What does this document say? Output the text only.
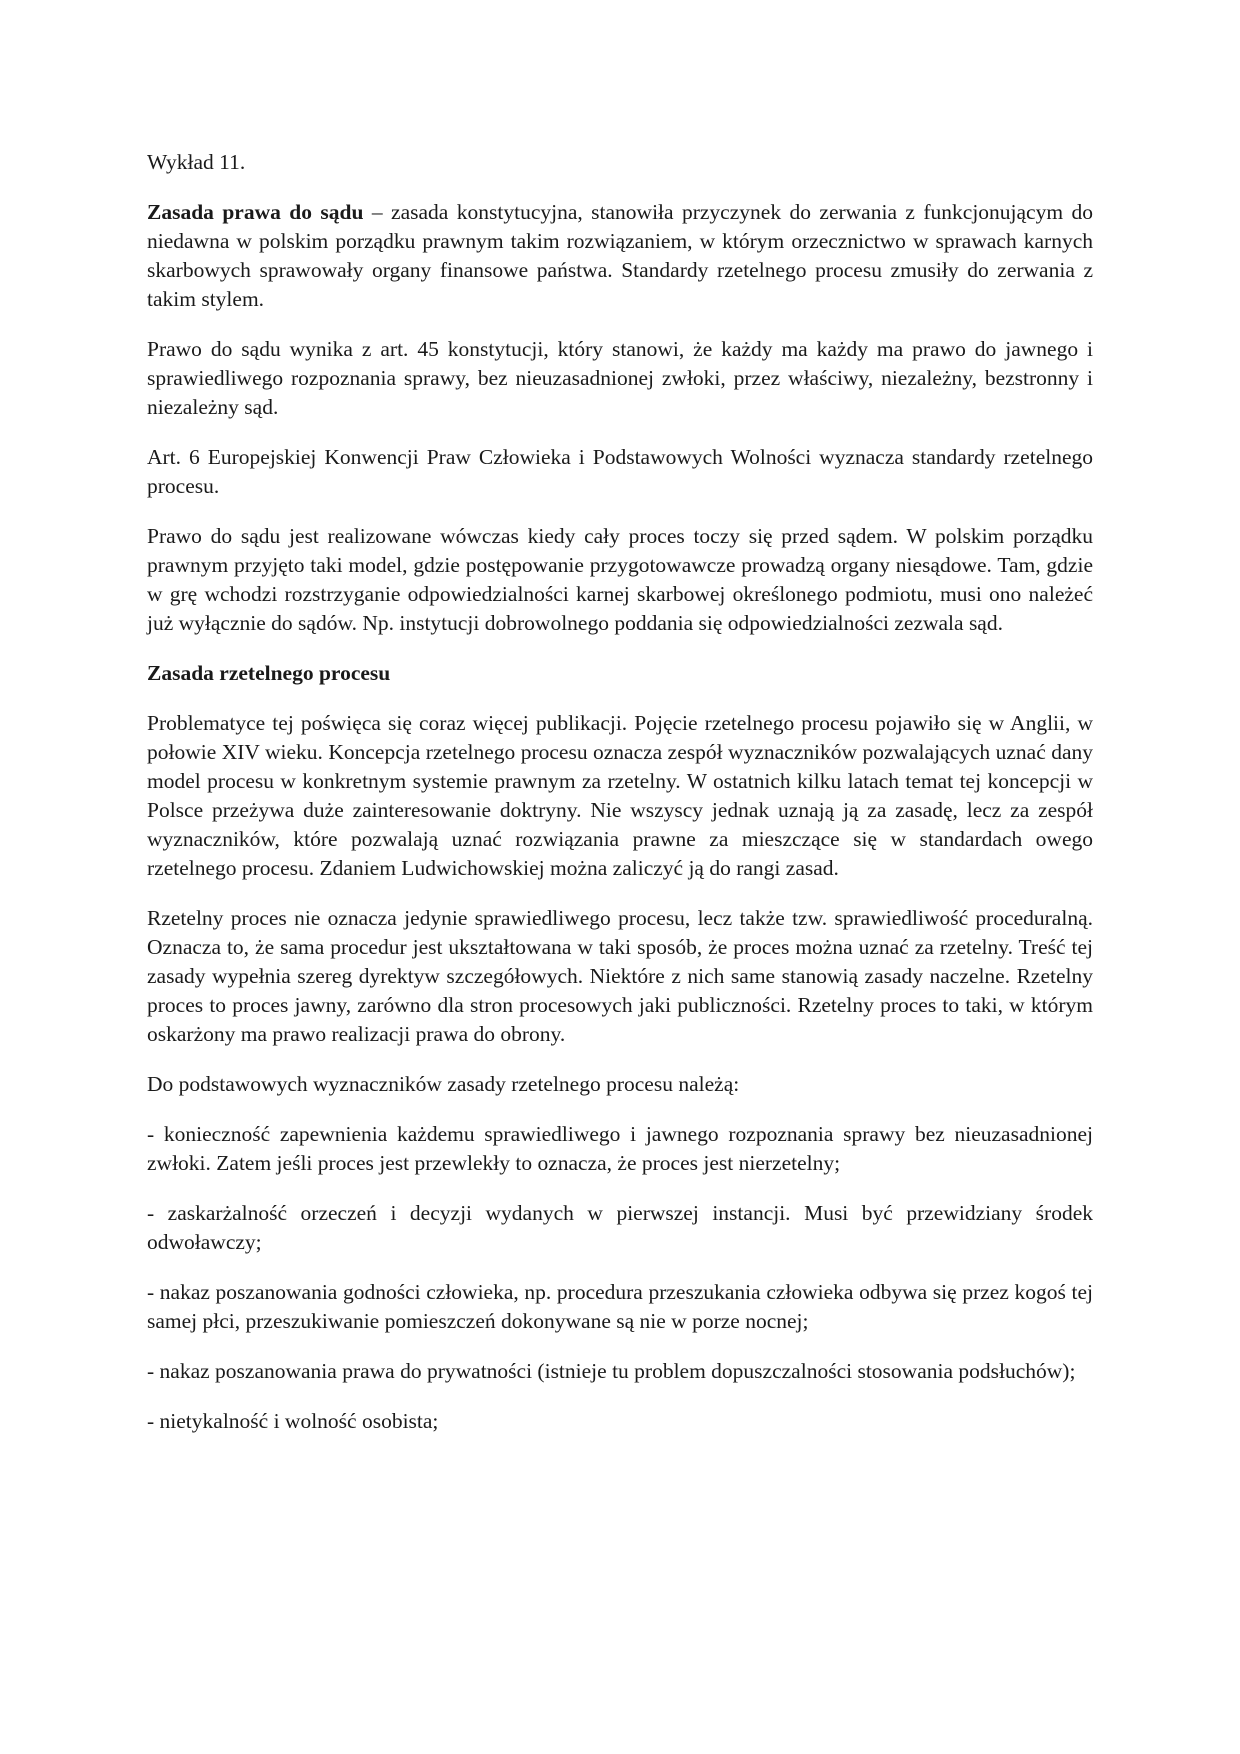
Wykład 11.

Zasada prawa do sądu – zasada konstytucyjna, stanowiła przyczynek do zerwania z funkcjonującym do niedawna w polskim porządku prawnym takim rozwiązaniem, w którym orzecznictwo w sprawach karnych skarbowych sprawowały organy finansowe państwa. Standardy rzetelnego procesu zmusiły do zerwania z takim stylem.

Prawo do sądu wynika z art. 45 konstytucji, który stanowi, że każdy ma każdy ma prawo do jawnego i sprawiedliwego rozpoznania sprawy, bez nieuzasadnionej zwłoki, przez właściwy, niezależny, bezstronny i niezależny sąd.

Art. 6 Europejskiej Konwencji Praw Człowieka i Podstawowych Wolności wyznacza standardy rzetelnego procesu.

Prawo do sądu jest realizowane wówczas kiedy cały proces toczy się przed sądem. W polskim porządku prawnym przyjęto taki model, gdzie postępowanie przygotowawcze prowadzą organy niesądowe. Tam, gdzie w grę wchodzi rozstrzyganie odpowiedzialności karnej skarbowej określonego podmiotu, musi ono należeć już wyłącznie do sądów. Np. instytucji dobrowolnego poddania się odpowiedzialności zezwala sąd.

Zasada rzetelnego procesu

Problematyce tej poświęca się coraz więcej publikacji. Pojęcie rzetelnego procesu pojawiło się w Anglii, w połowie XIV wieku. Koncepcja rzetelnego procesu oznacza zespół wyznaczników pozwalających uznać dany model procesu w konkretnym systemie prawnym za rzetelny. W ostatnich kilku latach temat tej koncepcji w Polsce przeżywa duże zainteresowanie doktryny. Nie wszyscy jednak uznają ją za zasadę, lecz za zespół wyznaczników, które pozwalają uznać rozwiązania prawne za mieszczące się w standardach owego rzetelnego procesu. Zdaniem Ludwichowskiej można zaliczyć ją do rangi zasad.

Rzetelny proces nie oznacza jedynie sprawiedliwego procesu, lecz także tzw. sprawiedliwość proceduralną. Oznacza to, że sama procedur jest ukształtowana w taki sposób, że proces można uznać za rzetelny. Treść tej zasady wypełnia szereg dyrektyw szczegółowych. Niektóre z nich same stanowią zasady naczelne. Rzetelny proces to proces jawny, zarówno dla stron procesowych jaki publiczności. Rzetelny proces to taki, w którym oskarżony ma prawo realizacji prawa do obrony.

Do podstawowych wyznaczników zasady rzetelnego procesu należą:

- konieczność zapewnienia każdemu sprawiedliwego i jawnego rozpoznania sprawy bez nieuzasadnionej zwłoki. Zatem jeśli proces jest przewlekły to oznacza, że proces jest nierzetelny;

- zaskarżalność orzeczeń i decyzji wydanych w pierwszej instancji. Musi być przewidziany środek odwoławczy;

- nakaz poszanowania godności człowieka, np. procedura przeszukania człowieka odbywa się przez kogoś tej samej płci, przeszukiwanie pomieszczeń dokonywane są nie w porze nocnej;

- nakaz poszanowania prawa do prywatności (istnieje tu problem dopuszczalności stosowania podsłuchów);

- nietykalność i wolność osobista;
